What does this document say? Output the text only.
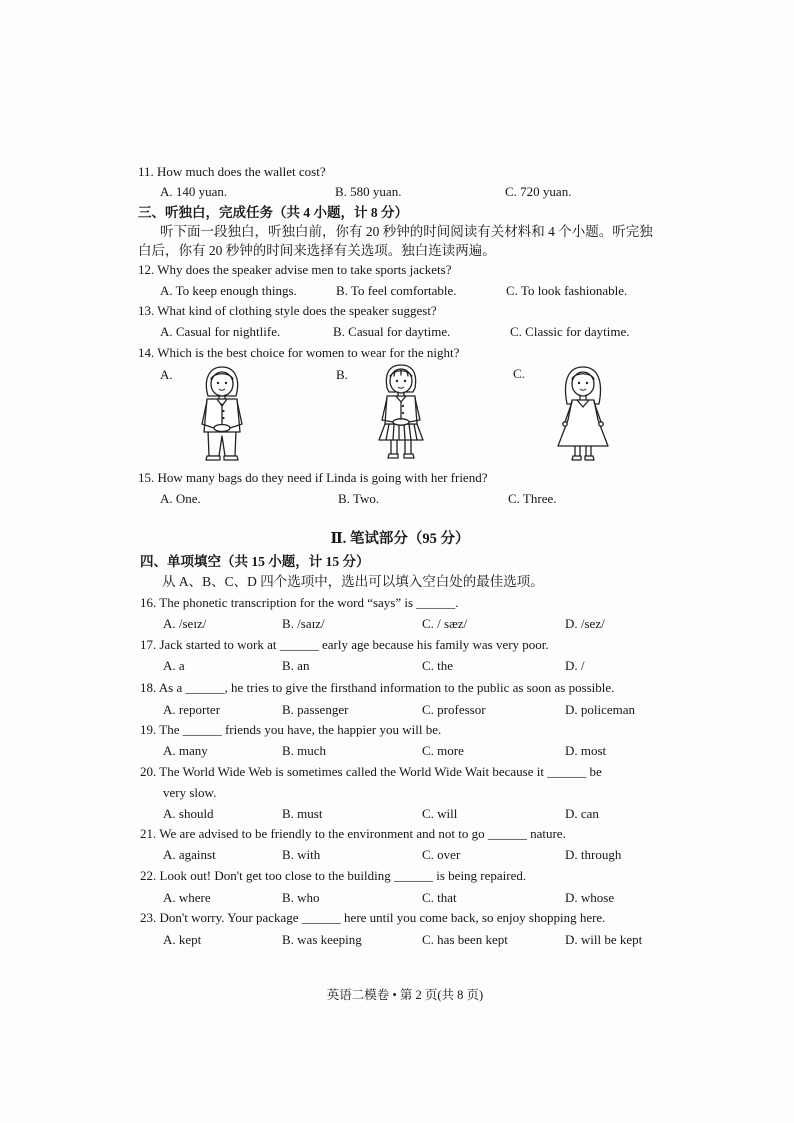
11. How much does the wallet cost?
A. 140 yuan.	B. 580 yuan.	C. 720 yuan.
三、听独白，完成任务（共 4 小题，计 8 分）
听下面一段独白，听独白前，你有 20 秒钟的时间阅读有关材料和 4 个小题。听完独
白后，你有 20 秒钟的时间来选择有关选项。独白连读两遍。
12. Why does the speaker advise men to take sports jackets?
A. To keep enough things.	B. To feel comfortable.	C. To look fashionable.
13. What kind of clothing style does the speaker suggest?
A. Casual for nightlife.	B. Casual for daytime.	C. Classic for daytime.
14. Which is the best choice for women to wear for the night?
A.	B.	C.
15. How many bags do they need if Linda is going with her friend?
A. One.	B. Two.	C. Three.
Ⅱ. 笔试部分（95 分）
四、单项填空（共 15 小题，计 15 分）
从 A、B、C、D 四个选项中，选出可以填入空白处的最佳选项。
16. The phonetic transcription for the word “says” is ______.
A. /seɪz/	B. /saɪz/	C. / sæz/	D. /sez/
17. Jack started to work at ______ early age because his family was very poor.
A. a	B. an	C. the	D. /
18. As a ______, he tries to give the firsthand information to the public as soon as possible.
A. reporter	B. passenger	C. professor	D. policeman
19. The ______ friends you have, the happier you will be.
A. many	B. much	C. more	D. most
20. The World Wide Web is sometimes called the World Wide Wait because it ______ be
very slow.
A. should	B. must	C. will	D. can
21. We are advised to be friendly to the environment and not to go ______ nature.
A. against	B. with	C. over	D. through
22. Look out! Don't get too close to the building ______ is being repaired.
A. where	B. who	C. that	D. whose
23. Don't worry. Your package ______ here until you come back, so enjoy shopping here.
A. kept	B. was keeping	C. has been kept	D. will be kept
英语二模卷 • 第 2 页(共 8 页)
